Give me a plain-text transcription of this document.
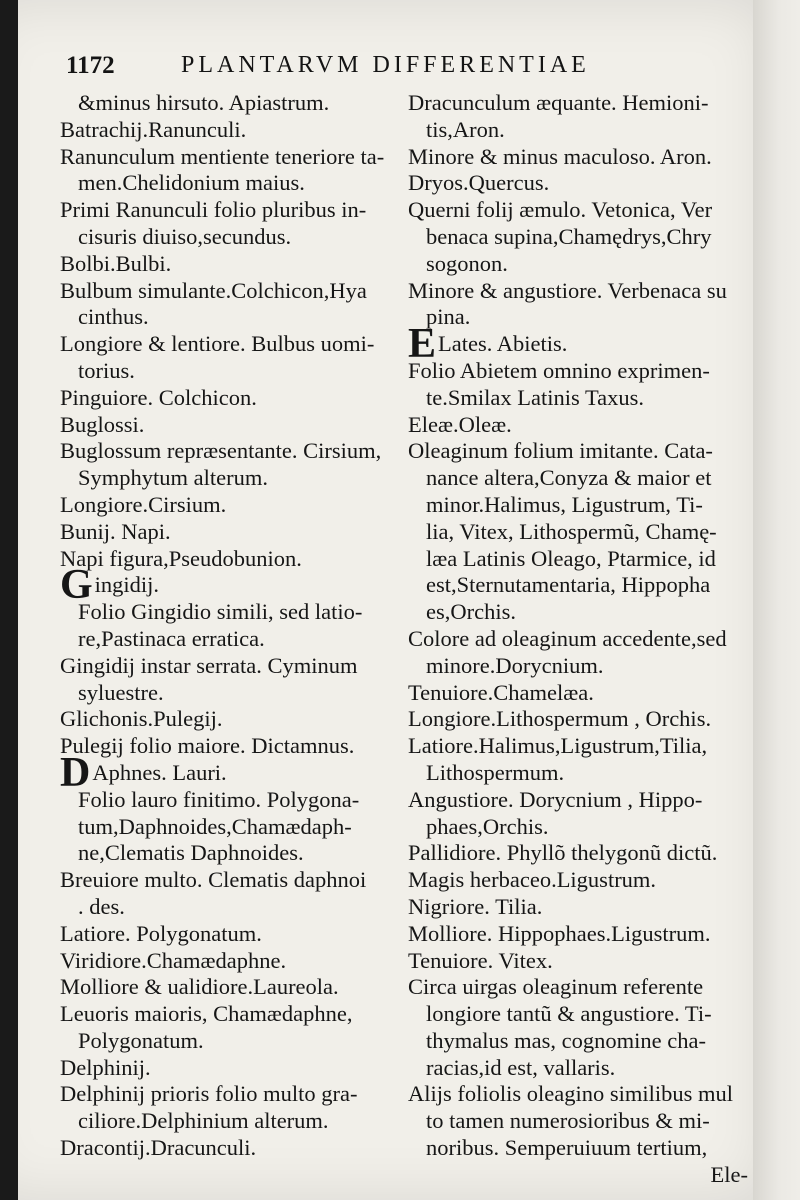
1172	PLANTARVM DIFFERENTIAE
&minus hirsuto. Apiastrum.
Batrachij.Ranunculi.
Ranunculum mentiente teneriore ta-
men.Chelidonium maius.
Primi Ranunculi folio pluribus in-
cisuris diuiso,secundus.
Bolbi.Bulbi.
Bulbum simulante.Colchicon,Hya
cinthus.
Longiore & lentiore. Bulbus uomi-
torius.
Pinguiore. Colchicon.
Buglossi.
Buglossum repræsentante. Cirsium,
Symphytum alterum.
Longiore.Cirsium.
Bunij. Napi.
Napi figura,Pseudobunion.
Gingidij.
Folio Gingidio simili, sed latio-
re,Pastinaca erratica.
Gingidij instar serrata. Cyminum
syluestre.
Glichonis.Pulegij.
Pulegij folio maiore. Dictamnus.
DAphnes. Lauri.
Folio lauro finitimo. Polygona-
tum,Daphnoides,Chamædaph-
ne,Clematis Daphnoides.
Breuiore multo. Clematis daphnoi
. des.
Latiore. Polygonatum.
Viridiore.Chamædaphne.
Molliore & ualidiore.Laureola.
Leuoris maioris, Chamædaphne,
Polygonatum.
Delphinij.
Delphinij prioris folio multo gra-
ciliore.Delphinium alterum.
Dracontij.Dracunculi.
Dracunculum æquante. Hemioni-
tis,Aron.
Minore & minus maculoso. Aron.
Dryos.Quercus.
Querni folij æmulo. Vetonica, Ver
benaca supina,Chamędrys,Chry
sogonon.
Minore & angustiore. Verbenaca su
pina.
ELates. Abietis.
Folio Abietem omnino exprimen-
te.Smilax Latinis Taxus.
Eleæ.Oleæ.
Oleaginum folium imitante. Cata-
nance altera,Conyza & maior et
minor.Halimus, Ligustrum, Ti-
lia, Vitex, Lithospermũ, Chamę-
læa Latinis Oleago, Ptarmice, id
est,Sternutamentaria, Hippopha
es,Orchis.
Colore ad oleaginum accedente,sed
minore.Dorycnium.
Tenuiore.Chamelæa.
Longiore.Lithospermum , Orchis.
Latiore.Halimus,Ligustrum,Tilia,
Lithospermum.
Angustiore. Dorycnium , Hippo-
phaes,Orchis.
Pallidiore. Phyllõ thelygonũ dictũ.
Magis herbaceo.Ligustrum.
Nigriore. Tilia.
Molliore. Hippophaes.Ligustrum.
Tenuiore. Vitex.
Circa uirgas oleaginum referente
longiore tantũ & angustiore. Ti-
thymalus mas, cognomine cha-
racias,id est, vallaris.
Alijs foliolis oleagino similibus mul
to tamen numerosioribus & mi-
noribus. Semperuiuum tertium,
Ele-
